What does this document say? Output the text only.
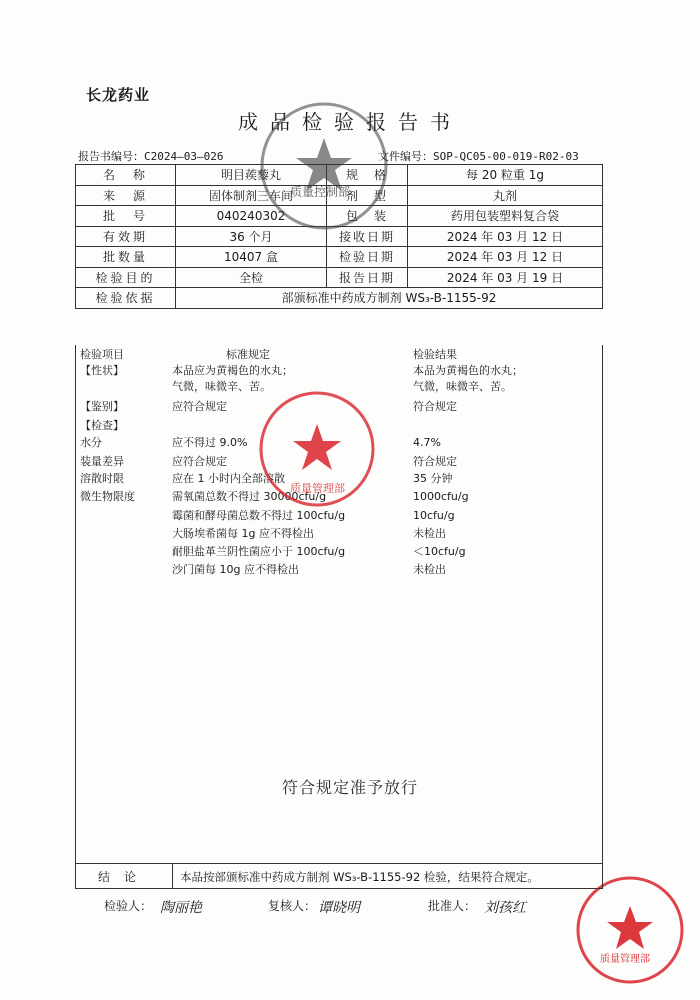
长龙药业
成品检验报告书
报告书编号：C2024—03—026	文件编号：SOP-QC05-00-019-R02-03
名　称	明目蒺藜丸	规　格	每 20 粒重 1g
来　源	固体制剂三车间	剂　型	丸剂
批　号	040240302	包　装	药用包装塑料复合袋
有效期	36 个月	接收日期	2024 年 03 月 12 日
批数量	10407 盒	检验日期	2024 年 03 月 12 日
检验目的	全检	报告日期	2024 年 03 月 19 日
检验依据	部颁标准中药成方制剂 WS₃-B-1155-92		
检验项目	标准规定	检验结果
【性状】	本品应为黄褐色的水丸；	本品为黄褐色的水丸；
气微，味微辛、苦。	气微，味微辛、苦。
【鉴别】	应符合规定	符合规定
【检查】
水分	应不得过 9.0%	4.7%
装量差异	应符合规定	符合规定
溶散时限	应在 1 小时内全部溶散	35 分钟
微生物限度	需氧菌总数不得过 30000cfu/g	1000cfu/g
霉菌和酵母菌总数不得过 100cfu/g	10cfu/g
大肠埃希菌每 1g 应不得检出	未检出
耐胆盐革兰阴性菌应小于 100cfu/g	＜10cfu/g
沙门菌每 10g 应不得检出	未检出
符合规定准予放行
质量控制部
质量管理部
质量管理部
结论	本品按部颁标准中药成方制剂 WS₃-B-1155-92 检验，结果符合规定。
检验人： 陶丽艳	复核人： 谭晓明	批准人： 刘孩红
